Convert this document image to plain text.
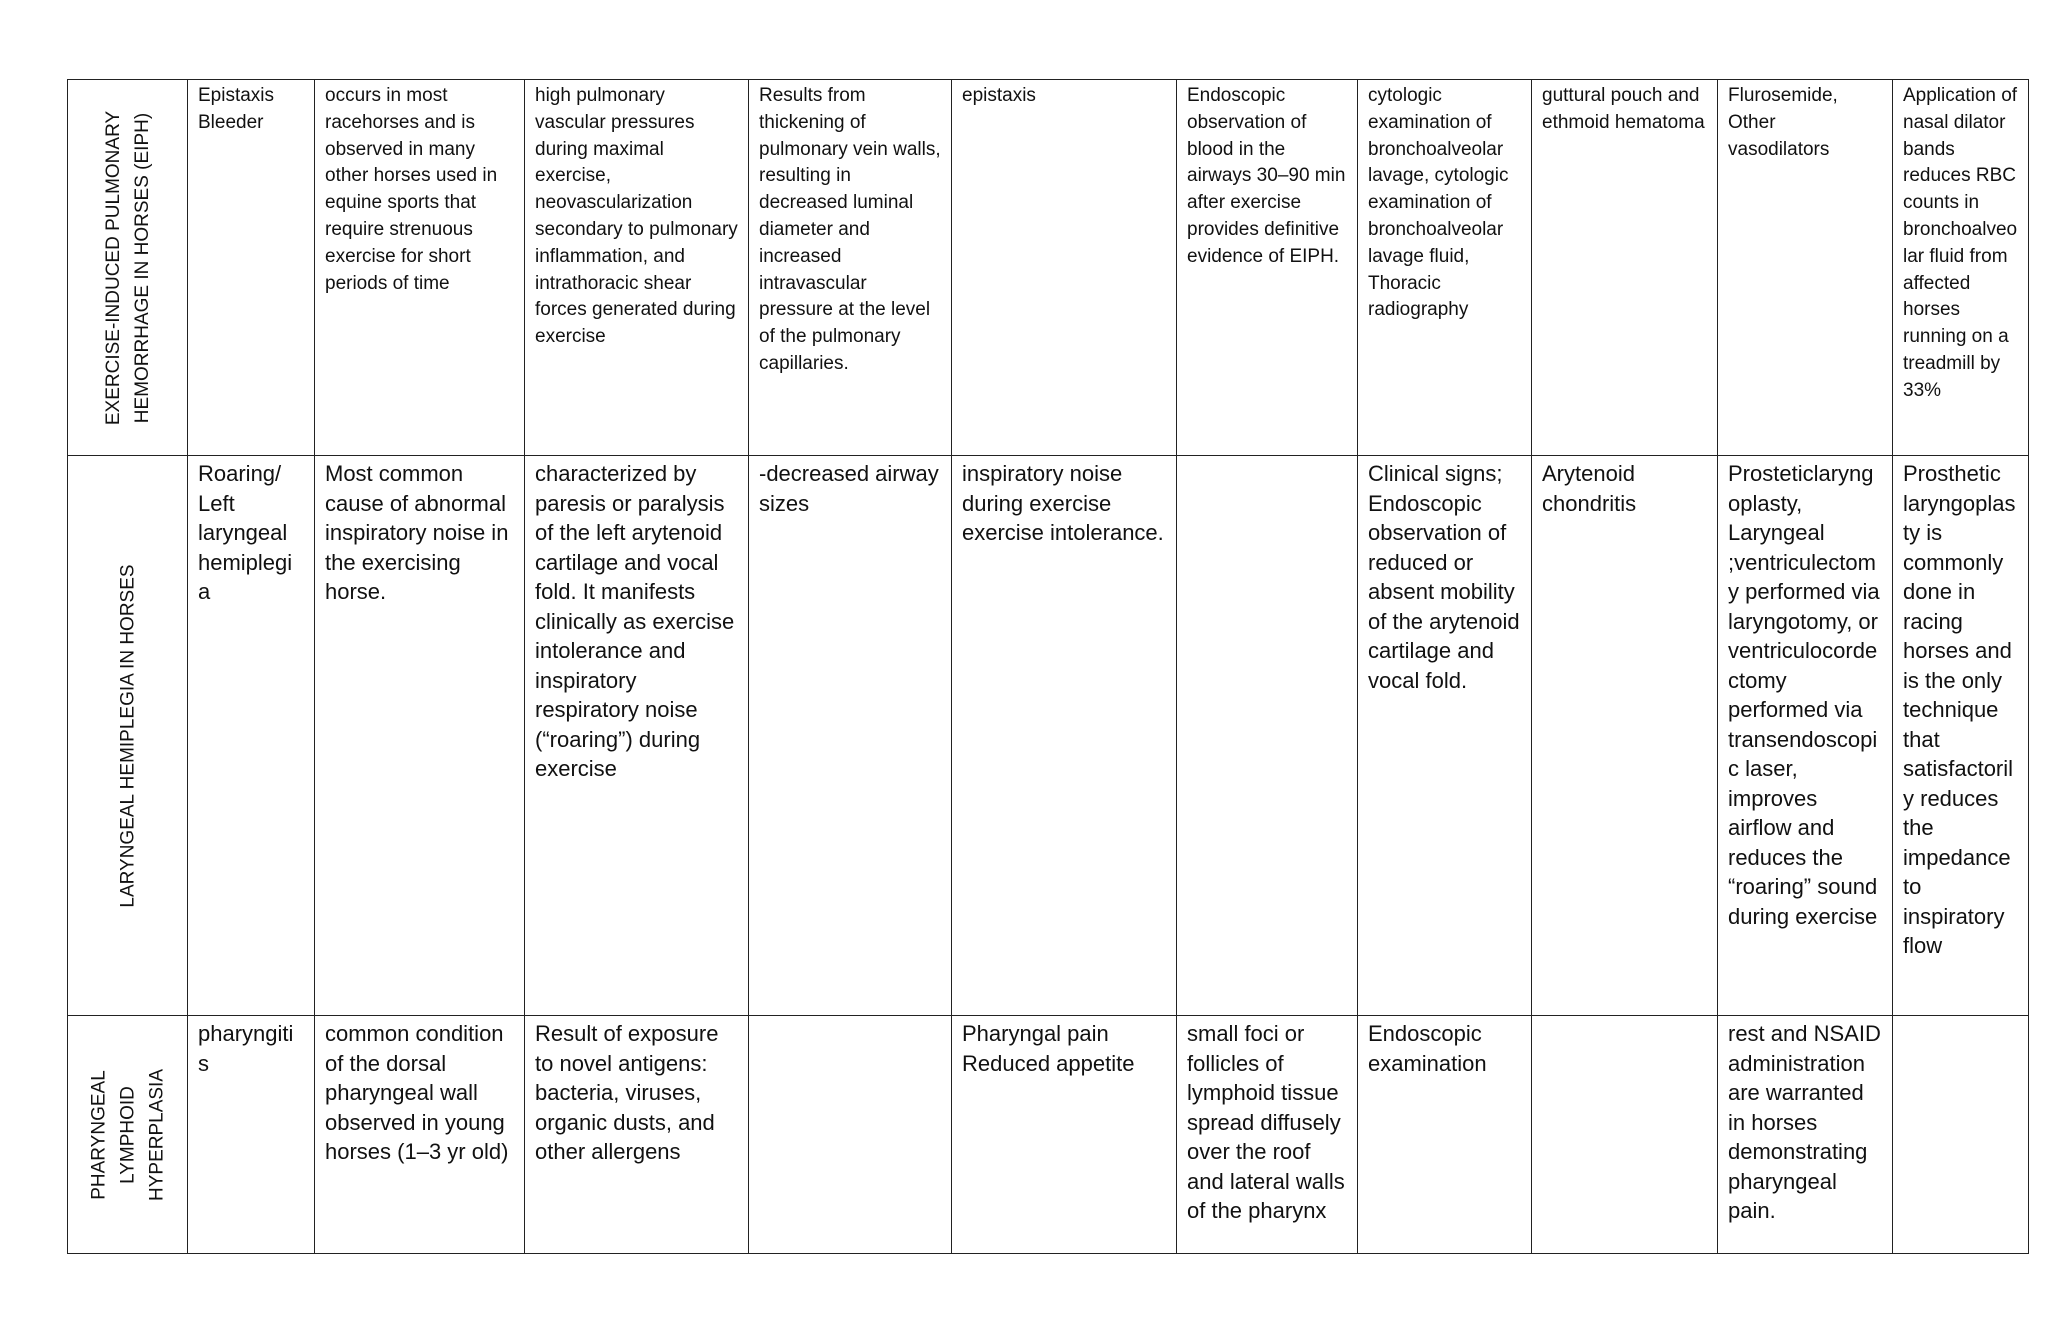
EXERCISE-INDUCED PULMONARY HEMORRHAGE IN HORSES (EIPH)	Epistaxis Bleeder	occurs in most racehorses and is observed in many other horses used in equine sports that require strenuous exercise for short periods of time	high pulmonary vascular pressures during maximal exercise, neovascularization secondary to pulmonary inflammation, and intrathoracic shear forces generated during exercise	Results from thickening of pulmonary vein walls, resulting in decreased luminal diameter and increased intravascular pressure at the level of the pulmonary capillaries.	epistaxis	Endoscopic observation of blood in the airways 30–90 min after exercise provides definitive evidence of EIPH.	cytologic examination of bronchoalveolar lavage, cytologic examination of bronchoalveolar lavage fluid, Thoracic radiography	guttural pouch and ethmoid hematoma	Flurosemide, Other vasodilators	Application of nasal dilator bands reduces RBC counts in bronchoalveolar fluid from affected horses running on a treadmill by 33%

LARYNGEAL HEMIPLEGIA IN HORSES	Roaring/ Left laryngeal hemiplegia	Most common cause of abnormal inspiratory noise in the exercising horse.	characterized by paresis or paralysis of the left arytenoid cartilage and vocal fold. It manifests clinically as exercise intolerance and inspiratory respiratory noise (“roaring”) during exercise	-decreased airway sizes	inspiratory noise during exercise exercise intolerance.		Clinical signs; Endoscopic observation of reduced or absent mobility of the arytenoid cartilage and vocal fold.	Arytenoid chondritis	Prosteticlaryngoplasty, Laryngeal ;ventriculectomy performed via laryngotomy, or ventriculocordectomy performed via transendoscopic laser, improves airflow and reduces the “roaring” sound during exercise	Prosthetic laryngoplasty is commonly done in racing horses and is the only technique that satisfactorily reduces the impedance to inspiratory flow

PHARYNGEAL LYMPHOID HYPERPLASIA	pharyngitis	common condition of the dorsal pharyngeal wall observed in young horses (1–3 yr old)	Result of exposure to novel antigens: bacteria, viruses, organic dusts, and other allergens		Pharyngal pain Reduced appetite	small foci or follicles of lymphoid tissue spread diffusely over the roof and lateral walls of the pharynx	Endoscopic examination		rest and NSAID administration are warranted in horses demonstrating pharyngeal pain.	
